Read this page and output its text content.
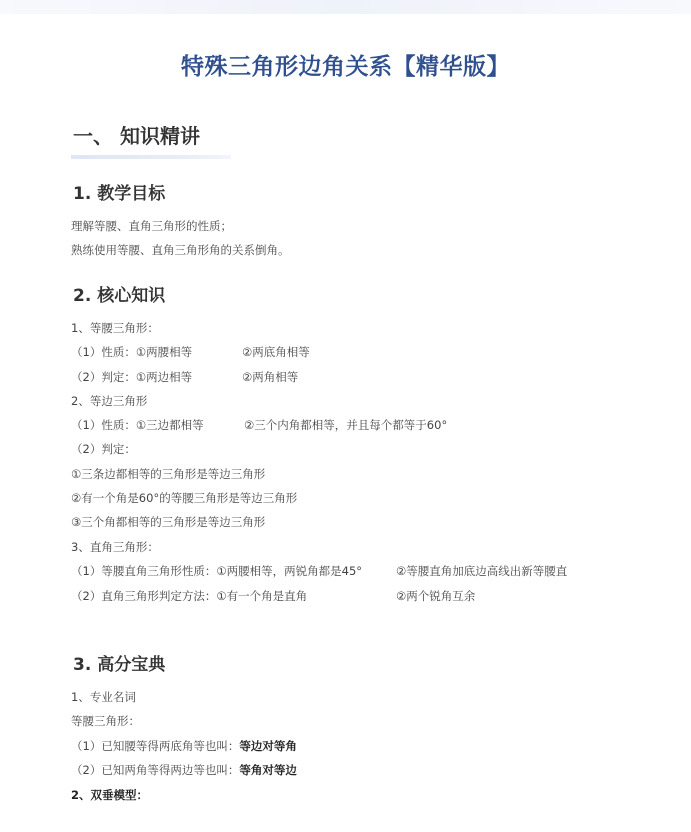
特殊三角形边角关系【精华版】
一、 知识精讲
1. 教学目标
理解等腰、直角三角形的性质；
熟练使用等腰、直角三角形角的关系倒角。
2. 核心知识
1、等腰三角形：
（1）性质：①两腰相等	②两底角相等
（2）判定：①两边相等	②两角相等
2、等边三角形
（1）性质：①三边都相等	②三个内角都相等，并且每个都等于60°
（2）判定：
①三条边都相等的三角形是等边三角形
②有一个角是60°的等腰三角形是等边三角形
③三个角都相等的三角形是等边三角形
3、直角三角形：
（1）等腰直角三角形性质：①两腰相等，两锐角都是45°	②等腰直角加底边高线出新等腰直
（2）直角三角形判定方法：①有一个角是直角	②两个锐角互余
3. 高分宝典
1、专业名词
等腰三角形：
（1）已知腰等得两底角等也叫：等边对等角
（2）已知两角等得两边等也叫：等角对等边
2、双垂模型：
